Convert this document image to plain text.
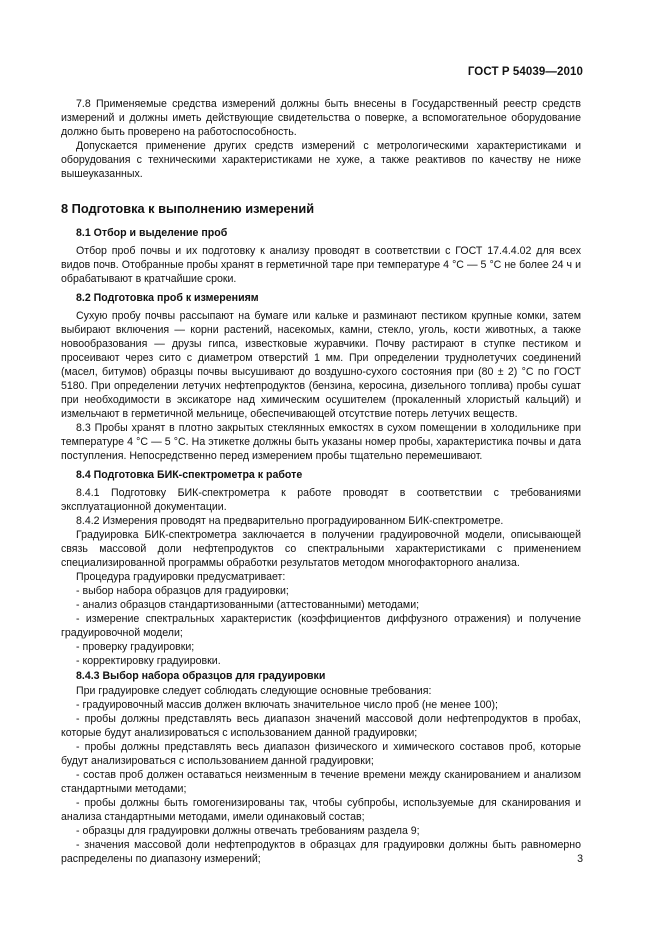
ГОСТ Р 54039—2010

7.8 Применяемые средства измерений должны быть внесены в Государственный реестр средств измерений и должны иметь действующие свидетельства о поверке, а вспомогательное оборудование должно быть проверено на работоспособность.

Допускается применение других средств измерений с метрологическими характеристиками и оборудования с техническими характеристиками не хуже, а также реактивов по качеству не ниже вышеуказанных.

8 Подготовка к выполнению измерений
8.1 Отбор и выделение проб

Отбор проб почвы и их подготовку к анализу проводят в соответствии с ГОСТ 17.4.4.02 для всех видов почв. Отобранные пробы хранят в герметичной таре при температуре 4 °С — 5 °С не более 24 ч и обрабатывают в кратчайшие сроки.

8.2 Подготовка проб к измерениям

Сухую пробу почвы рассыпают на бумаге или кальке и разминают пестиком крупные комки, затем выбирают включения — корни растений, насекомых, камни, стекло, уголь, кости животных, а также новообразования — друзы гипса, известковые журавчики. Почву растирают в ступке пестиком и просеивают через сито с диаметром отверстий 1 мм. При определении труднолетучих соединений (масел, битумов) образцы почвы высушивают до воздушно-сухого состояния при (80 ± 2) °С по ГОСТ 5180. При определении летучих нефтепродуктов (бензина, керосина, дизельного топлива) пробы сушат при необходимости в эксикаторе над химическим осушителем (прокаленный хлористый кальций) и измельчают в герметичной мельнице, обеспечивающей отсутствие потерь летучих веществ.

8.3 Пробы хранят в плотно закрытых стеклянных емкостях в сухом помещении в холодильнике при температуре 4 °С — 5 °С. На этикетке должны быть указаны номер пробы, характеристика почвы и дата поступления. Непосредственно перед измерением пробы тщательно перемешивают.

8.4 Подготовка БИК-спектрометра к работе

8.4.1 Подготовку БИК-спектрометра к работе проводят в соответствии с требованиями эксплуатационной документации.

8.4.2 Измерения проводят на предварительно проградуированном БИК-спектрометре.

Градуировка БИК-спектрометра заключается в получении градуировочной модели, описывающей связь массовой доли нефтепродуктов со спектральными характеристиками с применением специализированной программы обработки результатов методом многофакторного анализа.

Процедура градуировки предусматривает:

- выбор набора образцов для градуировки;

- анализ образцов стандартизованными (аттестованными) методами;

- измерение спектральных характеристик (коэффициентов диффузного отражения) и получение градуировочной модели;

- проверку градуировки;

- корректировку градуировки.

8.4.3 Выбор набора образцов для градуировки

При градуировке следует соблюдать следующие основные требования:

- градуировочный массив должен включать значительное число проб (не менее 100);

- пробы должны представлять весь диапазон значений массовой доли нефтепродуктов в пробах, которые будут анализироваться с использованием данной градуировки;

- пробы должны представлять весь диапазон физического и химического составов проб, которые будут анализироваться с использованием данной градуировки;

- состав проб должен оставаться неизменным в течение времени между сканированием и анализом стандартными методами;

- пробы должны быть гомогенизированы так, чтобы субпробы, используемые для сканирования и анализа стандартными методами, имели одинаковый состав;

- образцы для градуировки должны отвечать требованиям раздела 9;

- значения массовой доли нефтепродуктов в образцах для градуировки должны быть равномерно распределены по диапазону измерений;	3
